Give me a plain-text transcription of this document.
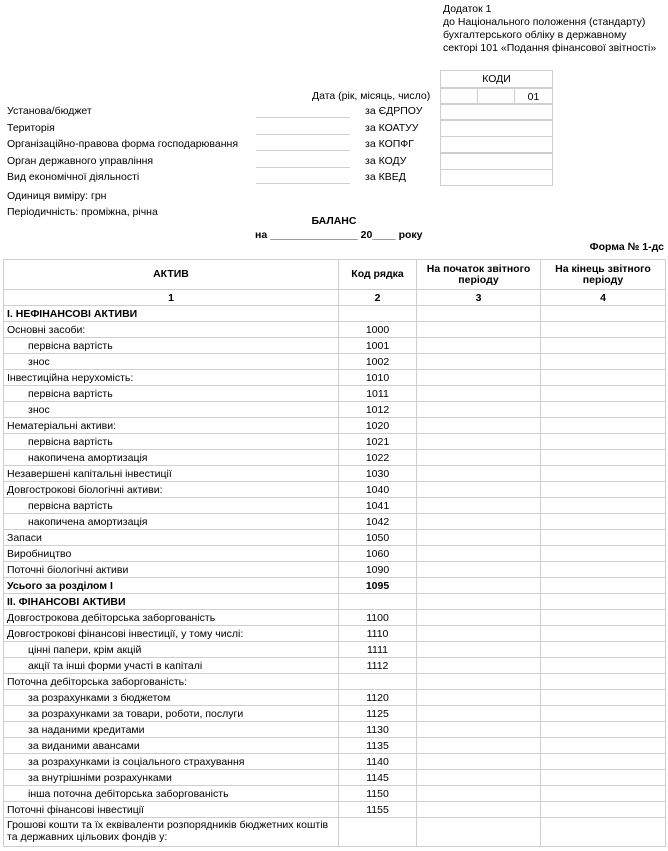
Додаток 1
до Національного положення (стандарту)
бухгалтерського обліку в державному
секторі 101 «Подання фінансової звітності»
КОДИ
Дата (рік, місяць, число)	01
Установа/бюджет	за ЄДРПОУ
Територія	за КОАТУУ
Організаційно-правова форма господарювання	за КОПФГ
Орган державного управління	за КОДУ
Вид економічної діяльності	за КВЕД
Одиниця виміру: грн
Періодичність: проміжна, річна
БАЛАНС
на _______________ 20____ року
Форма № 1-дс
АКТИВ	Код рядка	На початок звітного періоду	На кінець звітного періоду
1	2	3	4
I. НЕФІНАНСОВІ АКТИВИ			
Основні засоби:	1000		
первісна вартість	1001		
знос	1002		
Інвестиційна нерухомість:	1010		
первісна вартість	1011		
знос	1012		
Нематеріальні активи:	1020		
первісна вартість	1021		
накопичена амортизація	1022		
Незавершені капітальні інвестиції	1030		
Довгострокові біологічні активи:	1040		
первісна вартість	1041		
накопичена амортизація	1042		
Запаси	1050		
Виробництво	1060		
Поточні біологічні активи	1090		
Усього за розділом I	1095		
II. ФІНАНСОВІ АКТИВИ			
Довгострокова дебіторська заборгованість	1100		
Довгострокові фінансові інвестиції, у тому числі:	1110		
цінні папери, крім акцій	1111		
акції та інші форми участі в капіталі	1112		
Поточна дебіторська заборгованість:			
за розрахунками з бюджетом	1120		
за розрахунками за товари, роботи, послуги	1125		
за наданими кредитами	1130		
за виданими авансами	1135		
за розрахунками із соціального страхування	1140		
за внутрішніми розрахунками	1145		
інша поточна дебіторська заборгованість	1150		
Поточні фінансові інвестиції	1155		
Грошові кошти та їх еквіваленти розпорядників бюджетних коштів та державних цільових фондів у:			
